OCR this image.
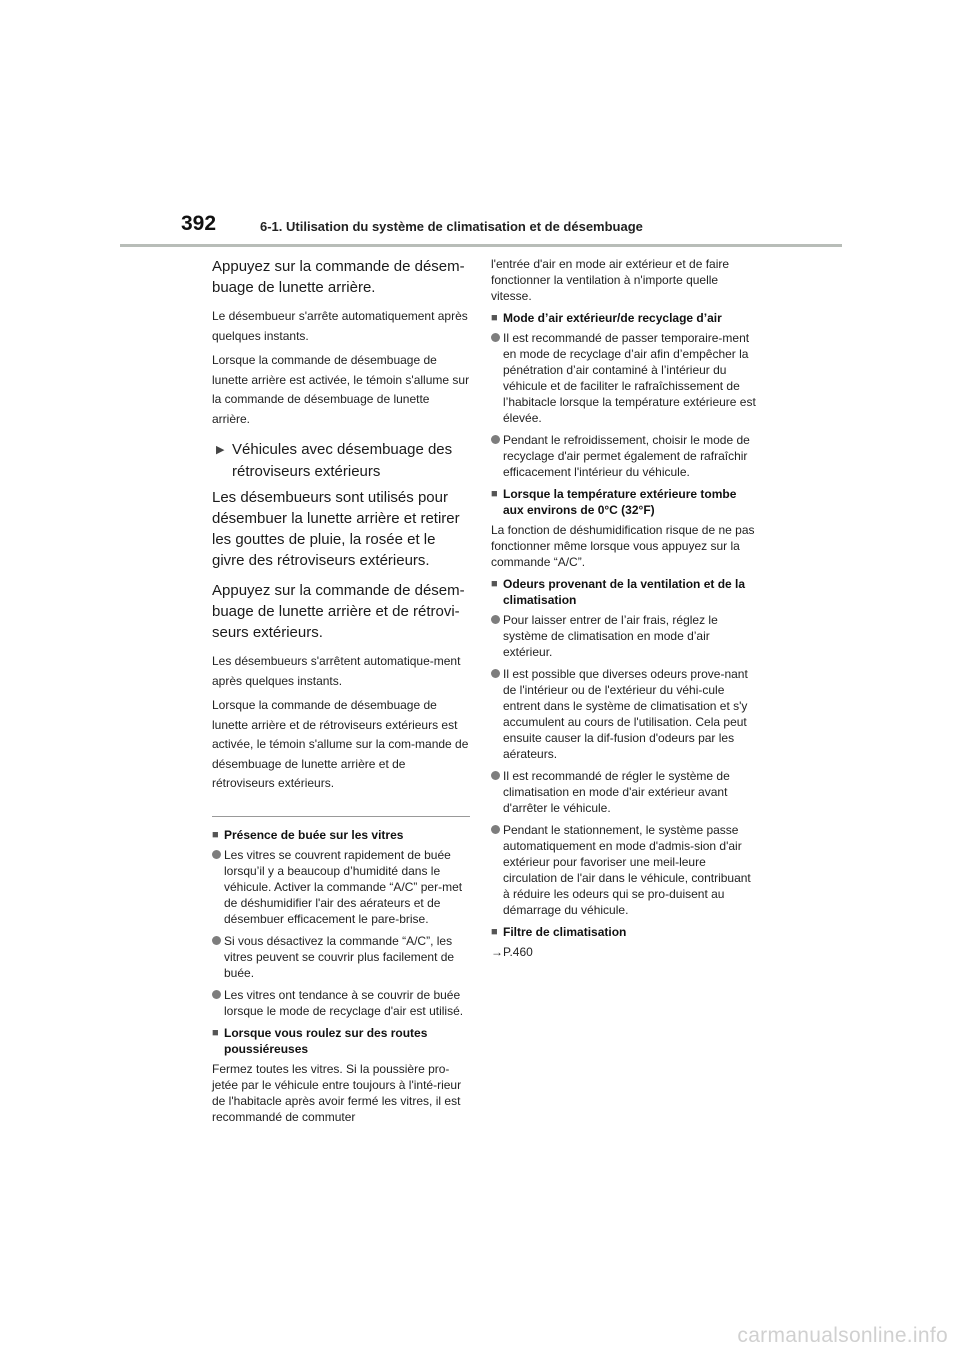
392	6-1. Utilisation du système de climatisation et de désembuage

Appuyez sur la commande de désem-buage de lunette arrière.

Le désembueur s'arrête automatiquement après quelques instants.

Lorsque la commande de désembuage de lunette arrière est activée, le témoin s'allume sur la commande de désembuage de lunette arrière.

▶ Véhicules avec désembuage des rétroviseurs extérieurs

Les désembueurs sont utilisés pour désembuer la lunette arrière et retirer les gouttes de pluie, la rosée et le givre des rétroviseurs extérieurs.

Appuyez sur la commande de désem-buage de lunette arrière et de rétrovi-seurs extérieurs.

Les désembueurs s'arrêtent automatique-ment après quelques instants.

Lorsque la commande de désembuage de lunette arrière et de rétroviseurs extérieurs est activée, le témoin s'allume sur la com-mande de désembuage de lunette arrière et de rétroviseurs extérieurs.

■ Présence de buée sur les vitres
Les vitres se couvrent rapidement de buée lorsqu’il y a beaucoup d’humidité dans le véhicule. Activer la commande “A/C” per-met de déshumidifier l'air des aérateurs et de désembuer efficacement le pare-brise.
Si vous désactivez la commande “A/C”, les vitres peuvent se couvrir plus facilement de buée.
Les vitres ont tendance à se couvrir de buée lorsque le mode de recyclage d'air est utilisé.
■ Lorsque vous roulez sur des routes poussiéreuses

Fermez toutes les vitres. Si la poussière pro-jetée par le véhicule entre toujours à l'inté-rieur de l'habitacle après avoir fermé les vitres, il est recommandé de commuter

l'entrée d'air en mode air extérieur et de faire fonctionner la ventilation à n'importe quelle vitesse.

■ Mode d’air extérieur/de recyclage d’air
Il est recommandé de passer temporaire-ment en mode de recyclage d’air afin d’empêcher la pénétration d’air contaminé à l’intérieur du véhicule et de faciliter le rafraîchissement de l’habitacle lorsque la température extérieure est élevée.
Pendant le refroidissement, choisir le mode de recyclage d'air permet également de rafraîchir efficacement l'intérieur du véhicule.
■ Lorsque la température extérieure tombe aux environs de 0°C (32°F)

La fonction de déshumidification risque de ne pas fonctionner même lorsque vous appuyez sur la commande “A/C”.

■ Odeurs provenant de la ventilation et de la climatisation
Pour laisser entrer de l’air frais, réglez le système de climatisation en mode d’air extérieur.
Il est possible que diverses odeurs prove-nant de l'intérieur ou de l'extérieur du véhi-cule entrent dans le système de climatisation et s'y accumulent au cours de l'utilisation. Cela peut ensuite causer la dif-fusion d'odeurs par les aérateurs.
Il est recommandé de régler le système de climatisation en mode d'air extérieur avant d'arrêter le véhicule.
Pendant le stationnement, le système passe automatiquement en mode d'admis-sion d'air extérieur pour favoriser une meil-leure circulation de l'air dans le véhicule, contribuant à réduire les odeurs qui se pro-duisent au démarrage du véhicule.
■ Filtre de climatisation

→P.460

carmanualsonline.info
